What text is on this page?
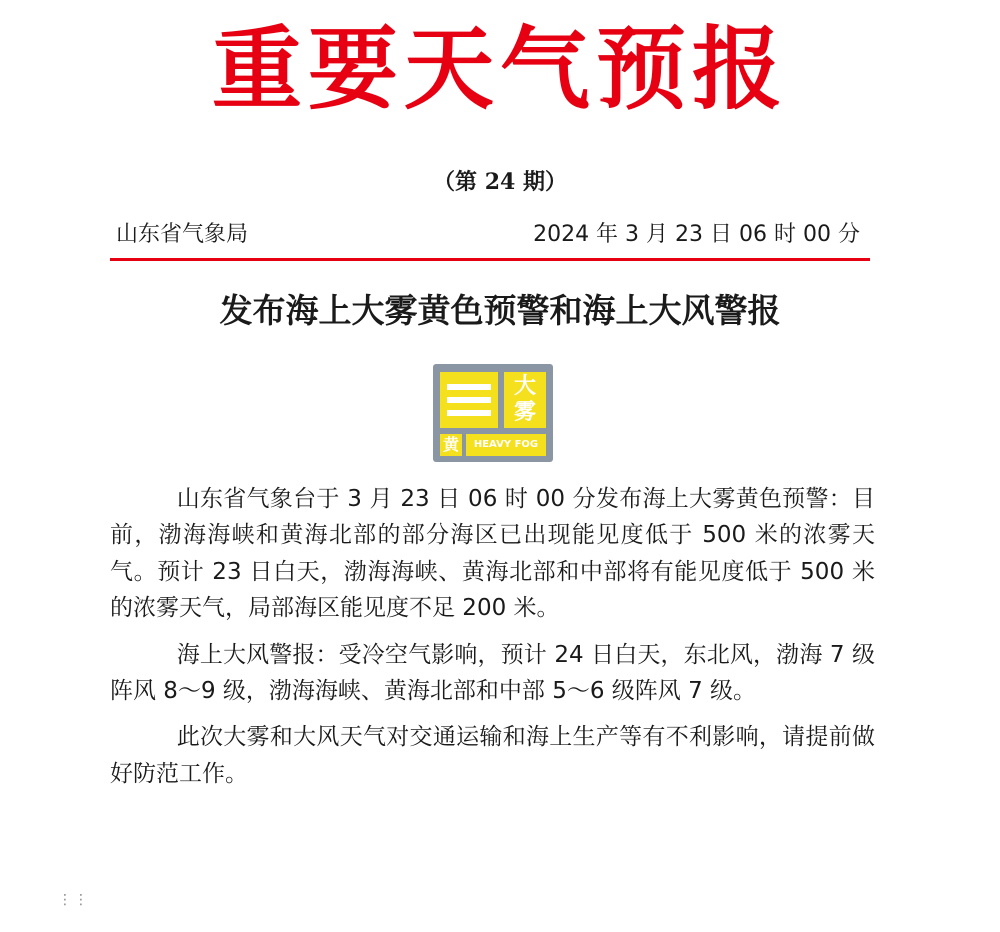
重要天气预报
（第 24 期）
山东省气象局	2024 年 3 月 23 日 06 时 00 分
发布海上大雾黄色预警和海上大风警报
大
雾
黄	HEAVY FOG

山东省气象台于 3 月 23 日 06 时 00 分发布海上大雾黄色预警：目前，渤海海峡和黄海北部的部分海区已出现能见度低于 500 米的浓雾天气。预计 23 日白天，渤海海峡、黄海北部和中部将有能见度低于 500 米的浓雾天气，局部海区能见度不足 200 米。

海上大风警报：受冷空气影响，预计 24 日白天，东北风，渤海 7 级阵风 8～9 级，渤海海峡、黄海北部和中部 5～6 级阵风 7 级。

此次大雾和大风天气对交通运输和海上生产等有不利影响，请提前做好防范工作。

⋮⋮
